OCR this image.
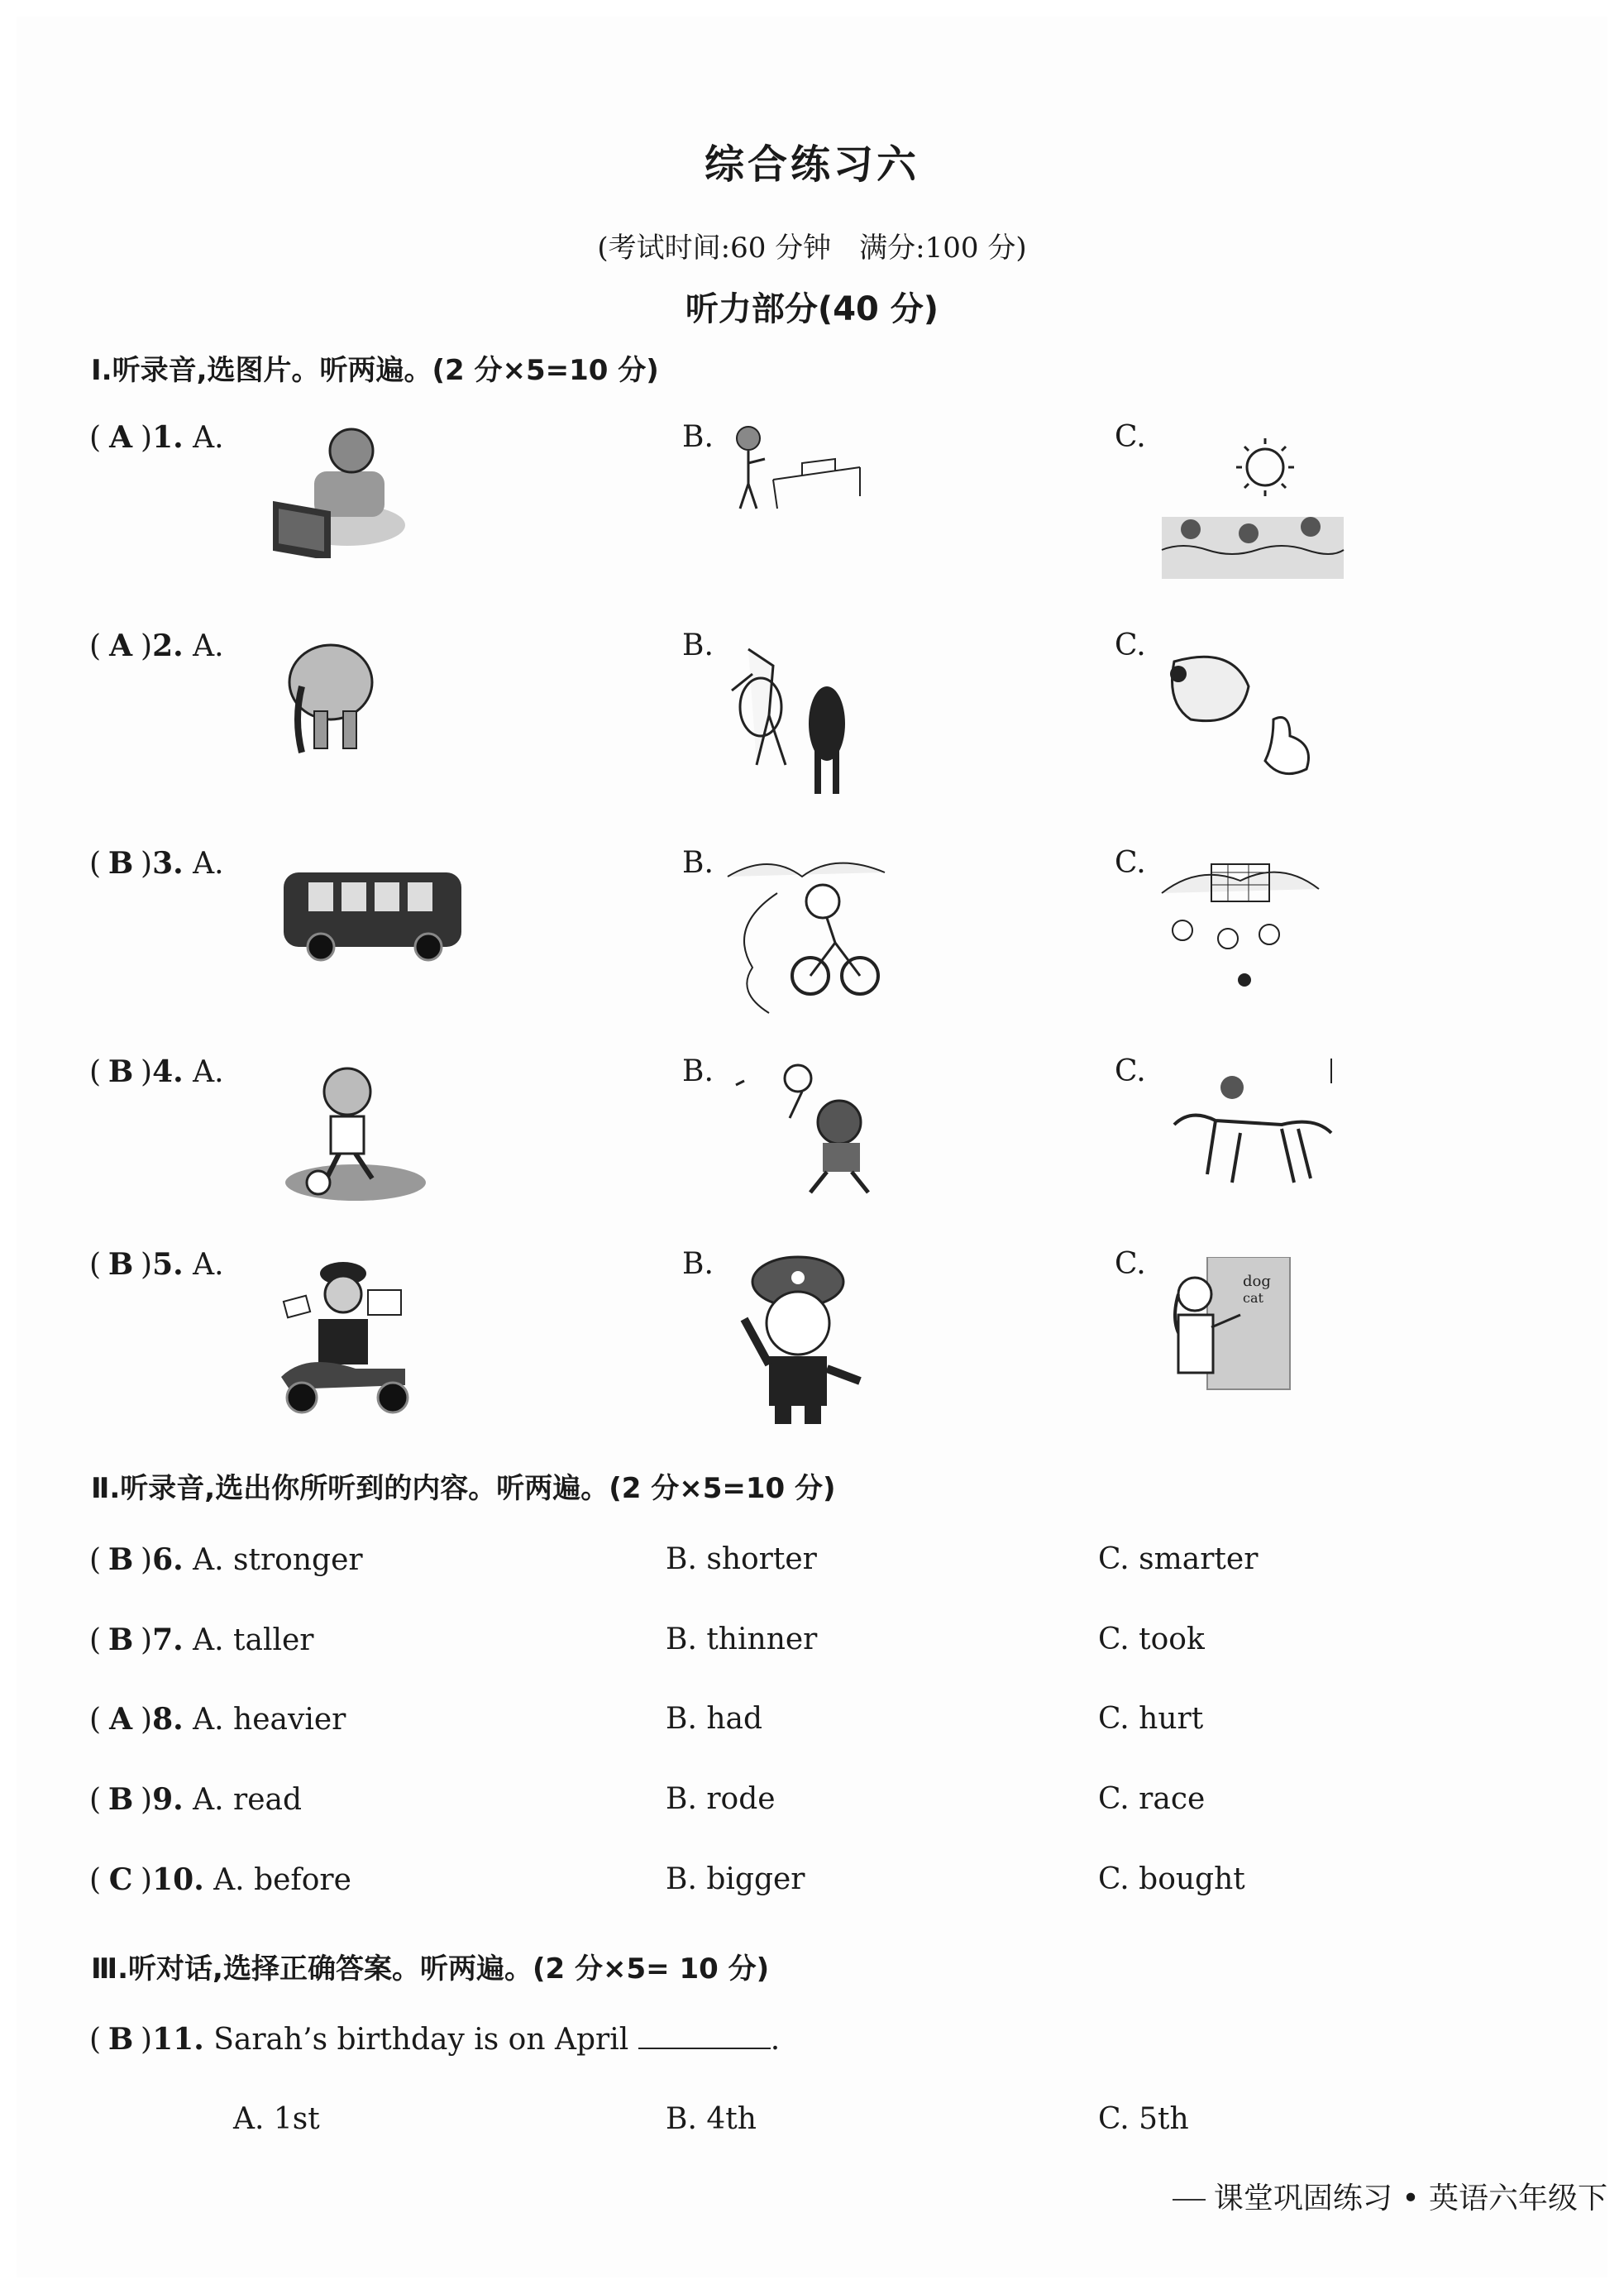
综合练习六
(考试时间:60 分钟　满分:100 分)
听力部分(40 分)
Ⅰ.听录音,选图片。听两遍。(2 分×5=10 分)
( A )1. A.	B.	C.
( A )2. A.	B.	C.
( B )3. A.	B.	C.
( B )4. A.	B.	C.
( B )5. A.	B.	C.
dog
cat
Ⅱ.听录音,选出你所听到的内容。听两遍。(2 分×5=10 分)
( B )6. A. stronger	B. shorter	C. smarter
( B )7. A. taller	B. thinner	C. took
( A )8. A. heavier	B. had	C. hurt
( B )9. A. read	B. rode	C. race
( C )10. A. before	B. bigger	C. bought
Ⅲ.听对话,选择正确答案。听两遍。(2 分×5= 10 分)
( B )11. Sarah’s birthday is on April	.
A. 1st	B. 4th	C. 5th
课堂巩固练习 • 英语六年级下
